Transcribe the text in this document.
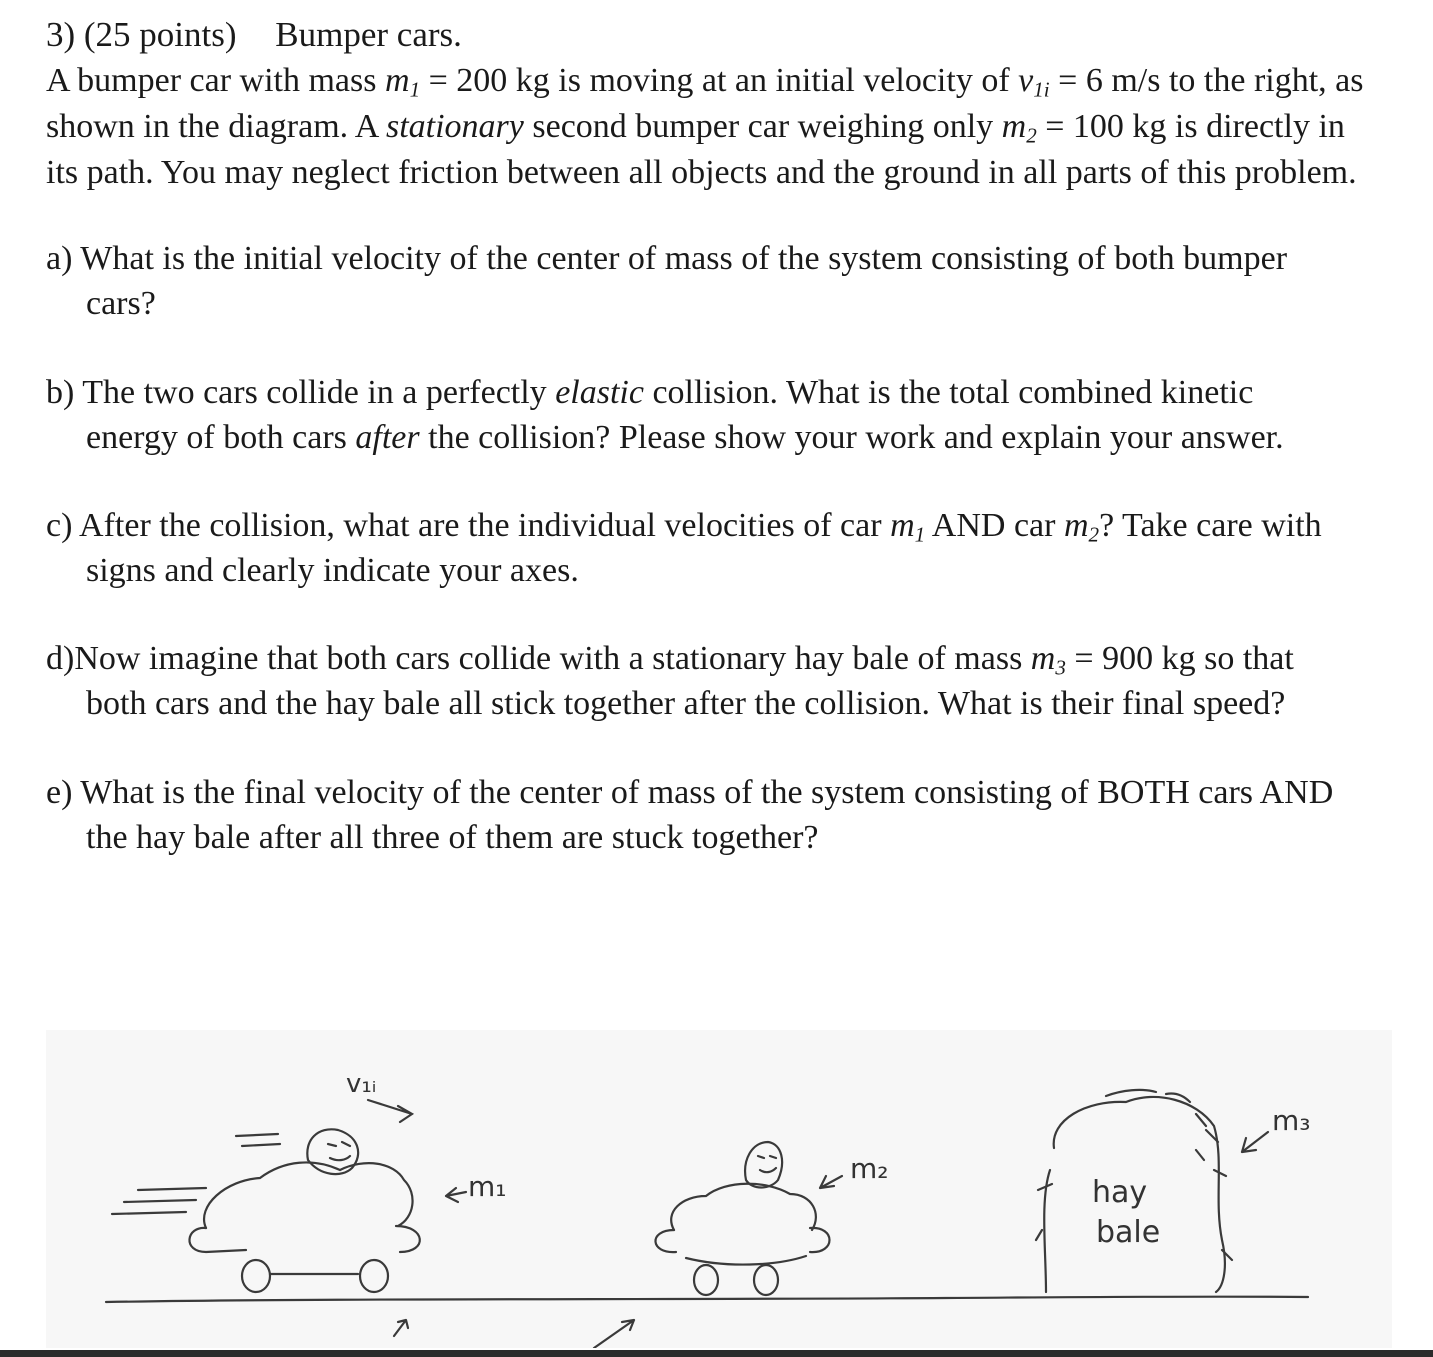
3) (25 points) Bumper cars.
A bumper car with mass $m_1 = 200$ kg is moving at an initial velocity of $v_{1i} = 6$ m/s to the right, as
shown in the diagram. A stationary second bumper car weighing only $m_2 = 100$ kg is directly in
its path. You may neglect friction between all objects and the ground in all parts of this problem.
a) What is the initial velocity of the center of mass of the system consisting of both bumper
cars?
b) The two cars collide in a perfectly elastic collision. What is the total combined kinetic
energy of both cars after the collision? Please show your work and explain your answer.
c) After the collision, what are the individual velocities of car $m_1$ AND car $m_2$? Take care with
signs and clearly indicate your axes.
d)Now imagine that both cars collide with a stationary hay bale of mass $m_3 = 900$ kg so that
both cars and the hay bale all stick together after the collision. What is their final speed?
e) What is the final velocity of the center of mass of the system consisting of BOTH cars AND
the hay bale after all three of them are stuck together?
v₁ᵢ
m₁
m₂
m₃
hay
bale
